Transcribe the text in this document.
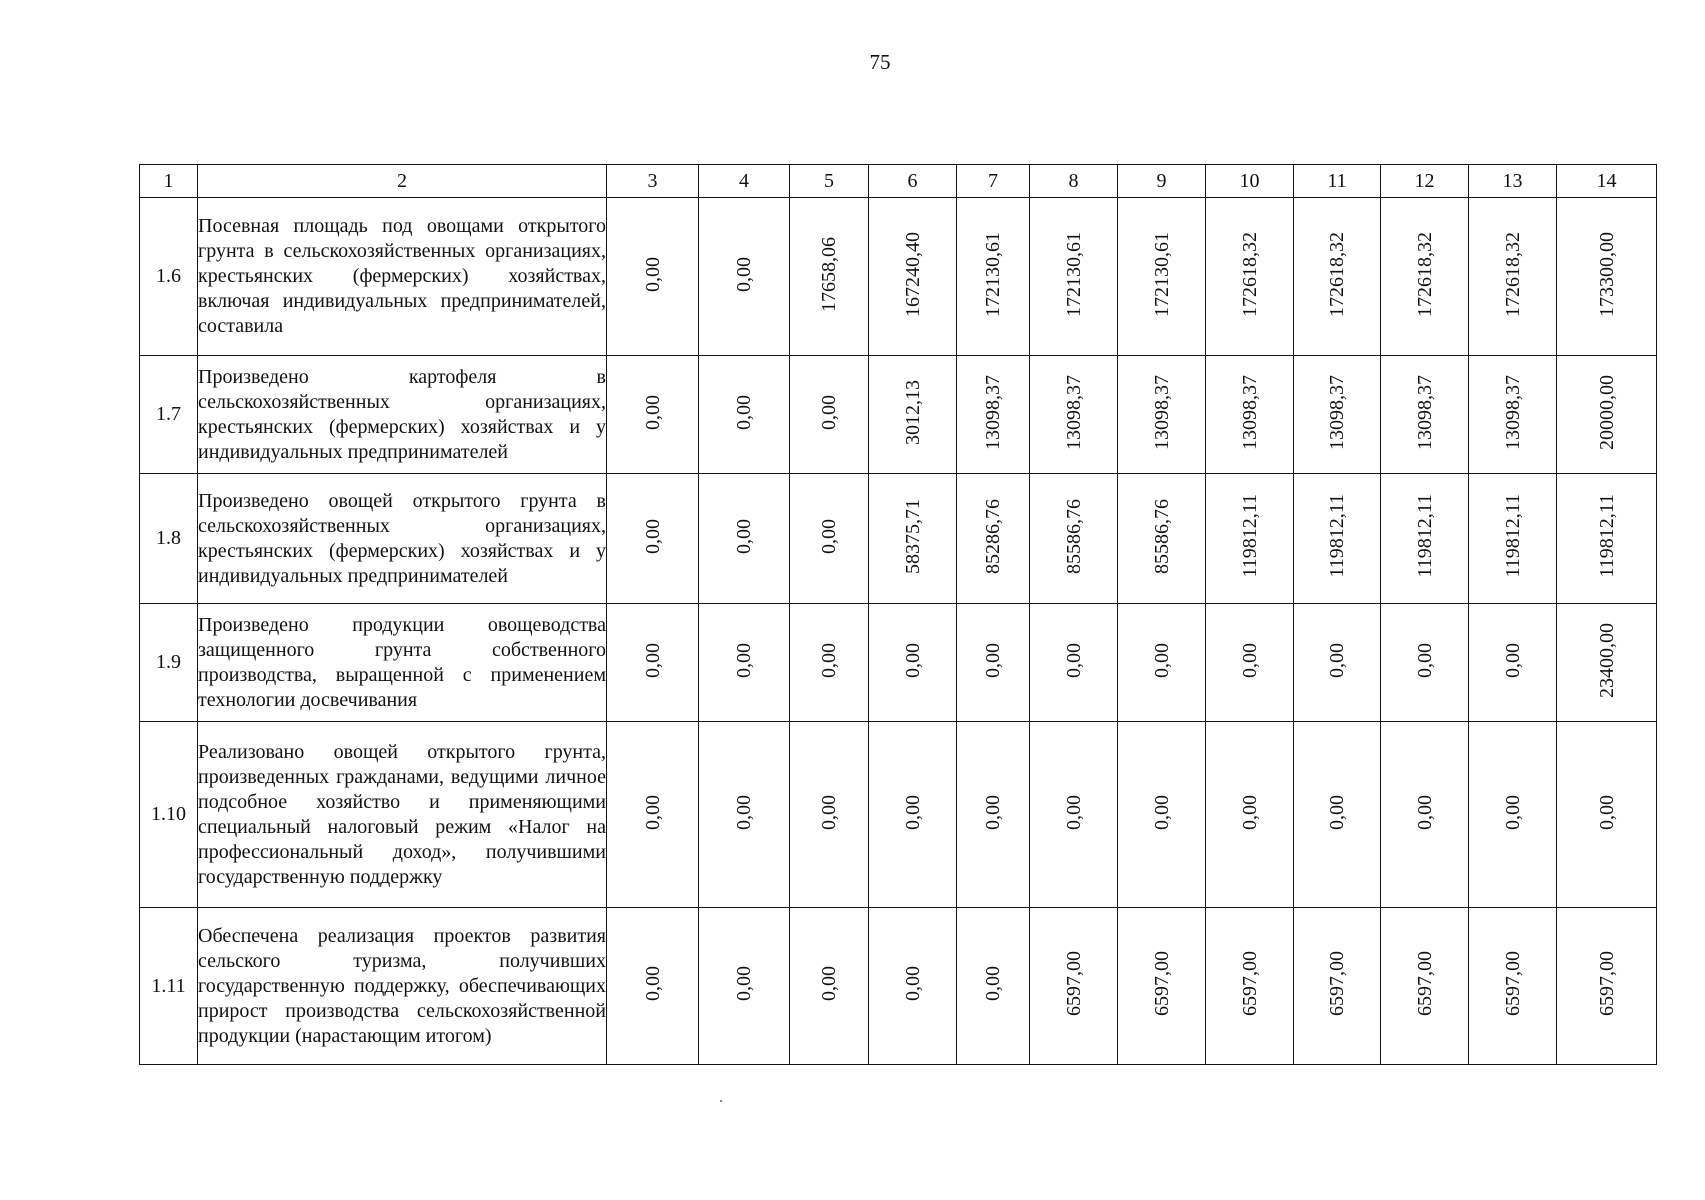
75
1	2	3	4	5	6	7	8	9	10	11	12	13	14
1.6	Посевная площадь под овощами открытого грунта в сельскохозяйственных организациях, крестьянских (фермерских) хозяйствах, включая индивидуальных предпринимателей, составила	0,00	0,00	17658,06	167240,40	172130,61	172130,61	172130,61	172618,32	172618,32	172618,32	172618,32	173300,00
1.7	Произведено картофеля в сельскохозяйственных организациях, крестьянских (фермерских) хозяйствах и у индивидуальных предпринимателей	0,00	0,00	0,00	3012,13	13098,37	13098,37	13098,37	13098,37	13098,37	13098,37	13098,37	20000,00
1.8	Произведено овощей открытого грунта в сельскохозяйственных организациях, крестьянских (фермерских) хозяйствах и у индивидуальных предпринимателей	0,00	0,00	0,00	58375,71	85286,76	85586,76	85586,76	119812,11	119812,11	119812,11	119812,11	119812,11
1.9	Произведено продукции овощеводства защищенного грунта собственного производства, выращенной с применением технологии досвечивания	0,00	0,00	0,00	0,00	0,00	0,00	0,00	0,00	0,00	0,00	0,00	23400,00
1.10	Реализовано овощей открытого грунта, произведенных гражданами, ведущими личное подсобное хозяйство и применяющими специальный налоговый режим «Налог на профессиональный доход», получившими государственную поддержку	0,00	0,00	0,00	0,00	0,00	0,00	0,00	0,00	0,00	0,00	0,00	0,00
1.11	Обеспечена реализация проектов развития сельского туризма, получивших государственную поддержку, обеспечивающих прирост производства сельскохозяйственной продукции (нарастающим итогом)	0,00	0,00	0,00	0,00	0,00	6597,00	6597,00	6597,00	6597,00	6597,00	6597,00	6597,00
